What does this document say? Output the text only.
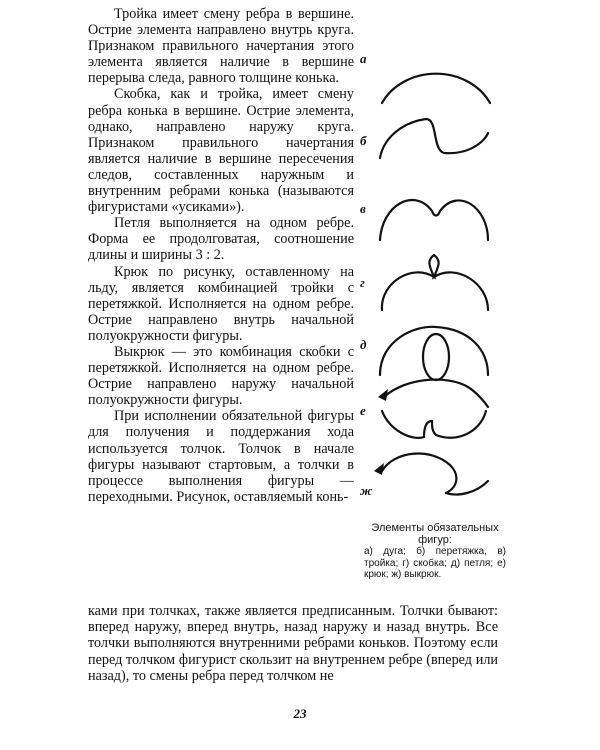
Тройка имеет смену ребра в вершине. Острие элемента направлено внутрь круга. Признаком правильного начертания этого элемента является наличие в вершине перерыва следа, равного толщине конька.

Скобка, как и тройка, имеет смену ребра конька в вершине. Острие элемента, однако, направлено наружу круга. Признаком правильного начертания является наличие в вершине пересечения следов, составленных наружным и внутренним ребрами конька (называются фигуристами «усиками»).

Петля выполняется на одном ребре. Форма ее продолговатая, соотношение длины и ширины 3 : 2.

Крюк по рисунку, оставленному на льду, является комбинацией тройки с перетяжкой. Исполняется на одном ребре. Острие направлено внутрь начальной полуокружности фигуры.

Выкрюк — это комбинация скобки с перетяжкой. Исполняется на одном ребре. Острие направлено наружу начальной полуокружности фигуры.

При исполнении обязательной фигуры для получения и поддержания хода используется толчок. Толчок в начале фигуры называют стартовым, а толчки в процессе выполнения фигуры — переходными. Рисунок, оставляемый конь-

а
б
в
г
д
е
ж
Элементы обязательных фигур:
а) дуга; б) перетяжка, в) тройка; г) скобка; д) петля; е) крюк; ж) выкрюк.
ками при толчках, также является предписанным. Толчки бывают: вперед наружу, вперед внутрь, назад наружу и назад внутрь. Все толчки выполняются внутренними ребрами коньков. Поэтому если перед толчком фигурист скользит на внутреннем ребре (вперед или назад), то смены ребра перед толчком не
23
